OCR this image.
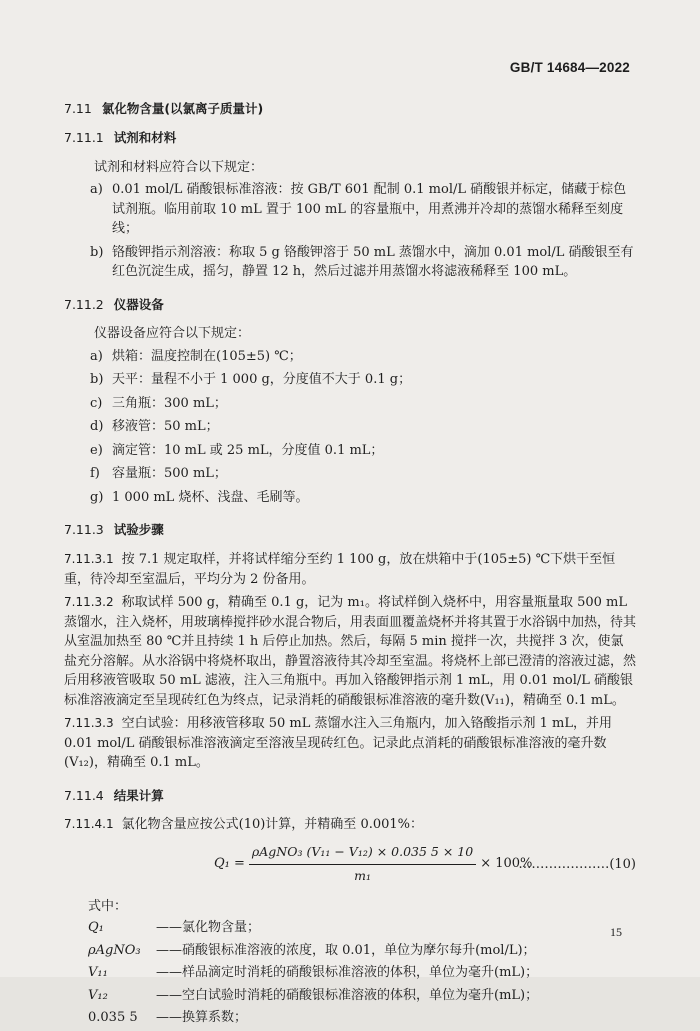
GB/T 14684—2022
7.11 氯化物含量(以氯离子质量计)
7.11.1 试剂和材料
试剂和材料应符合以下规定：
a) 0.01 mol/L 硝酸银标准溶液：按 GB/T 601 配制 0.1 mol/L 硝酸银并标定，储藏于棕色试剂瓶。临用前取 10 mL 置于 100 mL 的容量瓶中，用煮沸并冷却的蒸馏水稀释至刻度线；
b) 铬酸钾指示剂溶液：称取 5 g 铬酸钾溶于 50 mL 蒸馏水中，滴加 0.01 mol/L 硝酸银至有红色沉淀生成，摇匀，静置 12 h，然后过滤并用蒸馏水将滤液稀释至 100 mL。
7.11.2 仪器设备
仪器设备应符合以下规定：
a) 烘箱：温度控制在(105±5) ℃；
b) 天平：量程不小于 1 000 g，分度值不大于 0.1 g；
c) 三角瓶：300 mL；
d) 移液管：50 mL；
e) 滴定管：10 mL 或 25 mL，分度值 0.1 mL；
f) 容量瓶：500 mL；
g) 1 000 mL 烧杯、浅盘、毛刷等。
7.11.3 试验步骤
7.11.3.1 按 7.1 规定取样，并将试样缩分至约 1 100 g，放在烘箱中于(105±5) ℃下烘干至恒重，待冷却至室温后，平均分为 2 份备用。
7.11.3.2 称取试样 500 g，精确至 0.1 g，记为 m₁。将试样倒入烧杯中，用容量瓶量取 500 mL 蒸馏水，注入烧杯，用玻璃棒搅拌砂水混合物后，用表面皿覆盖烧杯并将其置于水浴锅中加热，待其从室温加热至 80 ℃并且持续 1 h 后停止加热。然后，每隔 5 min 搅拌一次，共搅拌 3 次，使氯盐充分溶解。从水浴锅中将烧杯取出，静置溶液待其冷却至室温。将烧杯上部已澄清的溶液过滤，然后用移液管吸取 50 mL 滤液，注入三角瓶中。再加入铬酸钾指示剂 1 mL，用 0.01 mol/L 硝酸银标准溶液滴定至呈现砖红色为终点，记录消耗的硝酸银标准溶液的毫升数(V₁₁)，精确至 0.1 mL。
7.11.3.3 空白试验：用移液管移取 50 mL 蒸馏水注入三角瓶内，加入铬酸指示剂 1 mL，并用 0.01 mol/L 硝酸银标准溶液滴定至溶液呈现砖红色。记录此点消耗的硝酸银标准溶液的毫升数(V₁₂)，精确至 0.1 mL。
7.11.4 结果计算
7.11.4.1 氯化物含量应按公式(10)计算，并精确至 0.001%：
$Q_1 = \frac{\text{ρAgNO₃ (V₁₁ − V₁₂) × 0.035 5 × 10}}{\text{m₁}} \times 100\%$
…………………(10)
式中：
Q₁	——氯化物含量；
ρAgNO₃	——硝酸银标准溶液的浓度，取 0.01，单位为摩尔每升(mol/L)；
V₁₁	——样品滴定时消耗的硝酸银标准溶液的体积，单位为毫升(mL)；
V₁₂	——空白试验时消耗的硝酸银标准溶液的体积，单位为毫升(mL)；
0.035 5	——换算系数；
15
